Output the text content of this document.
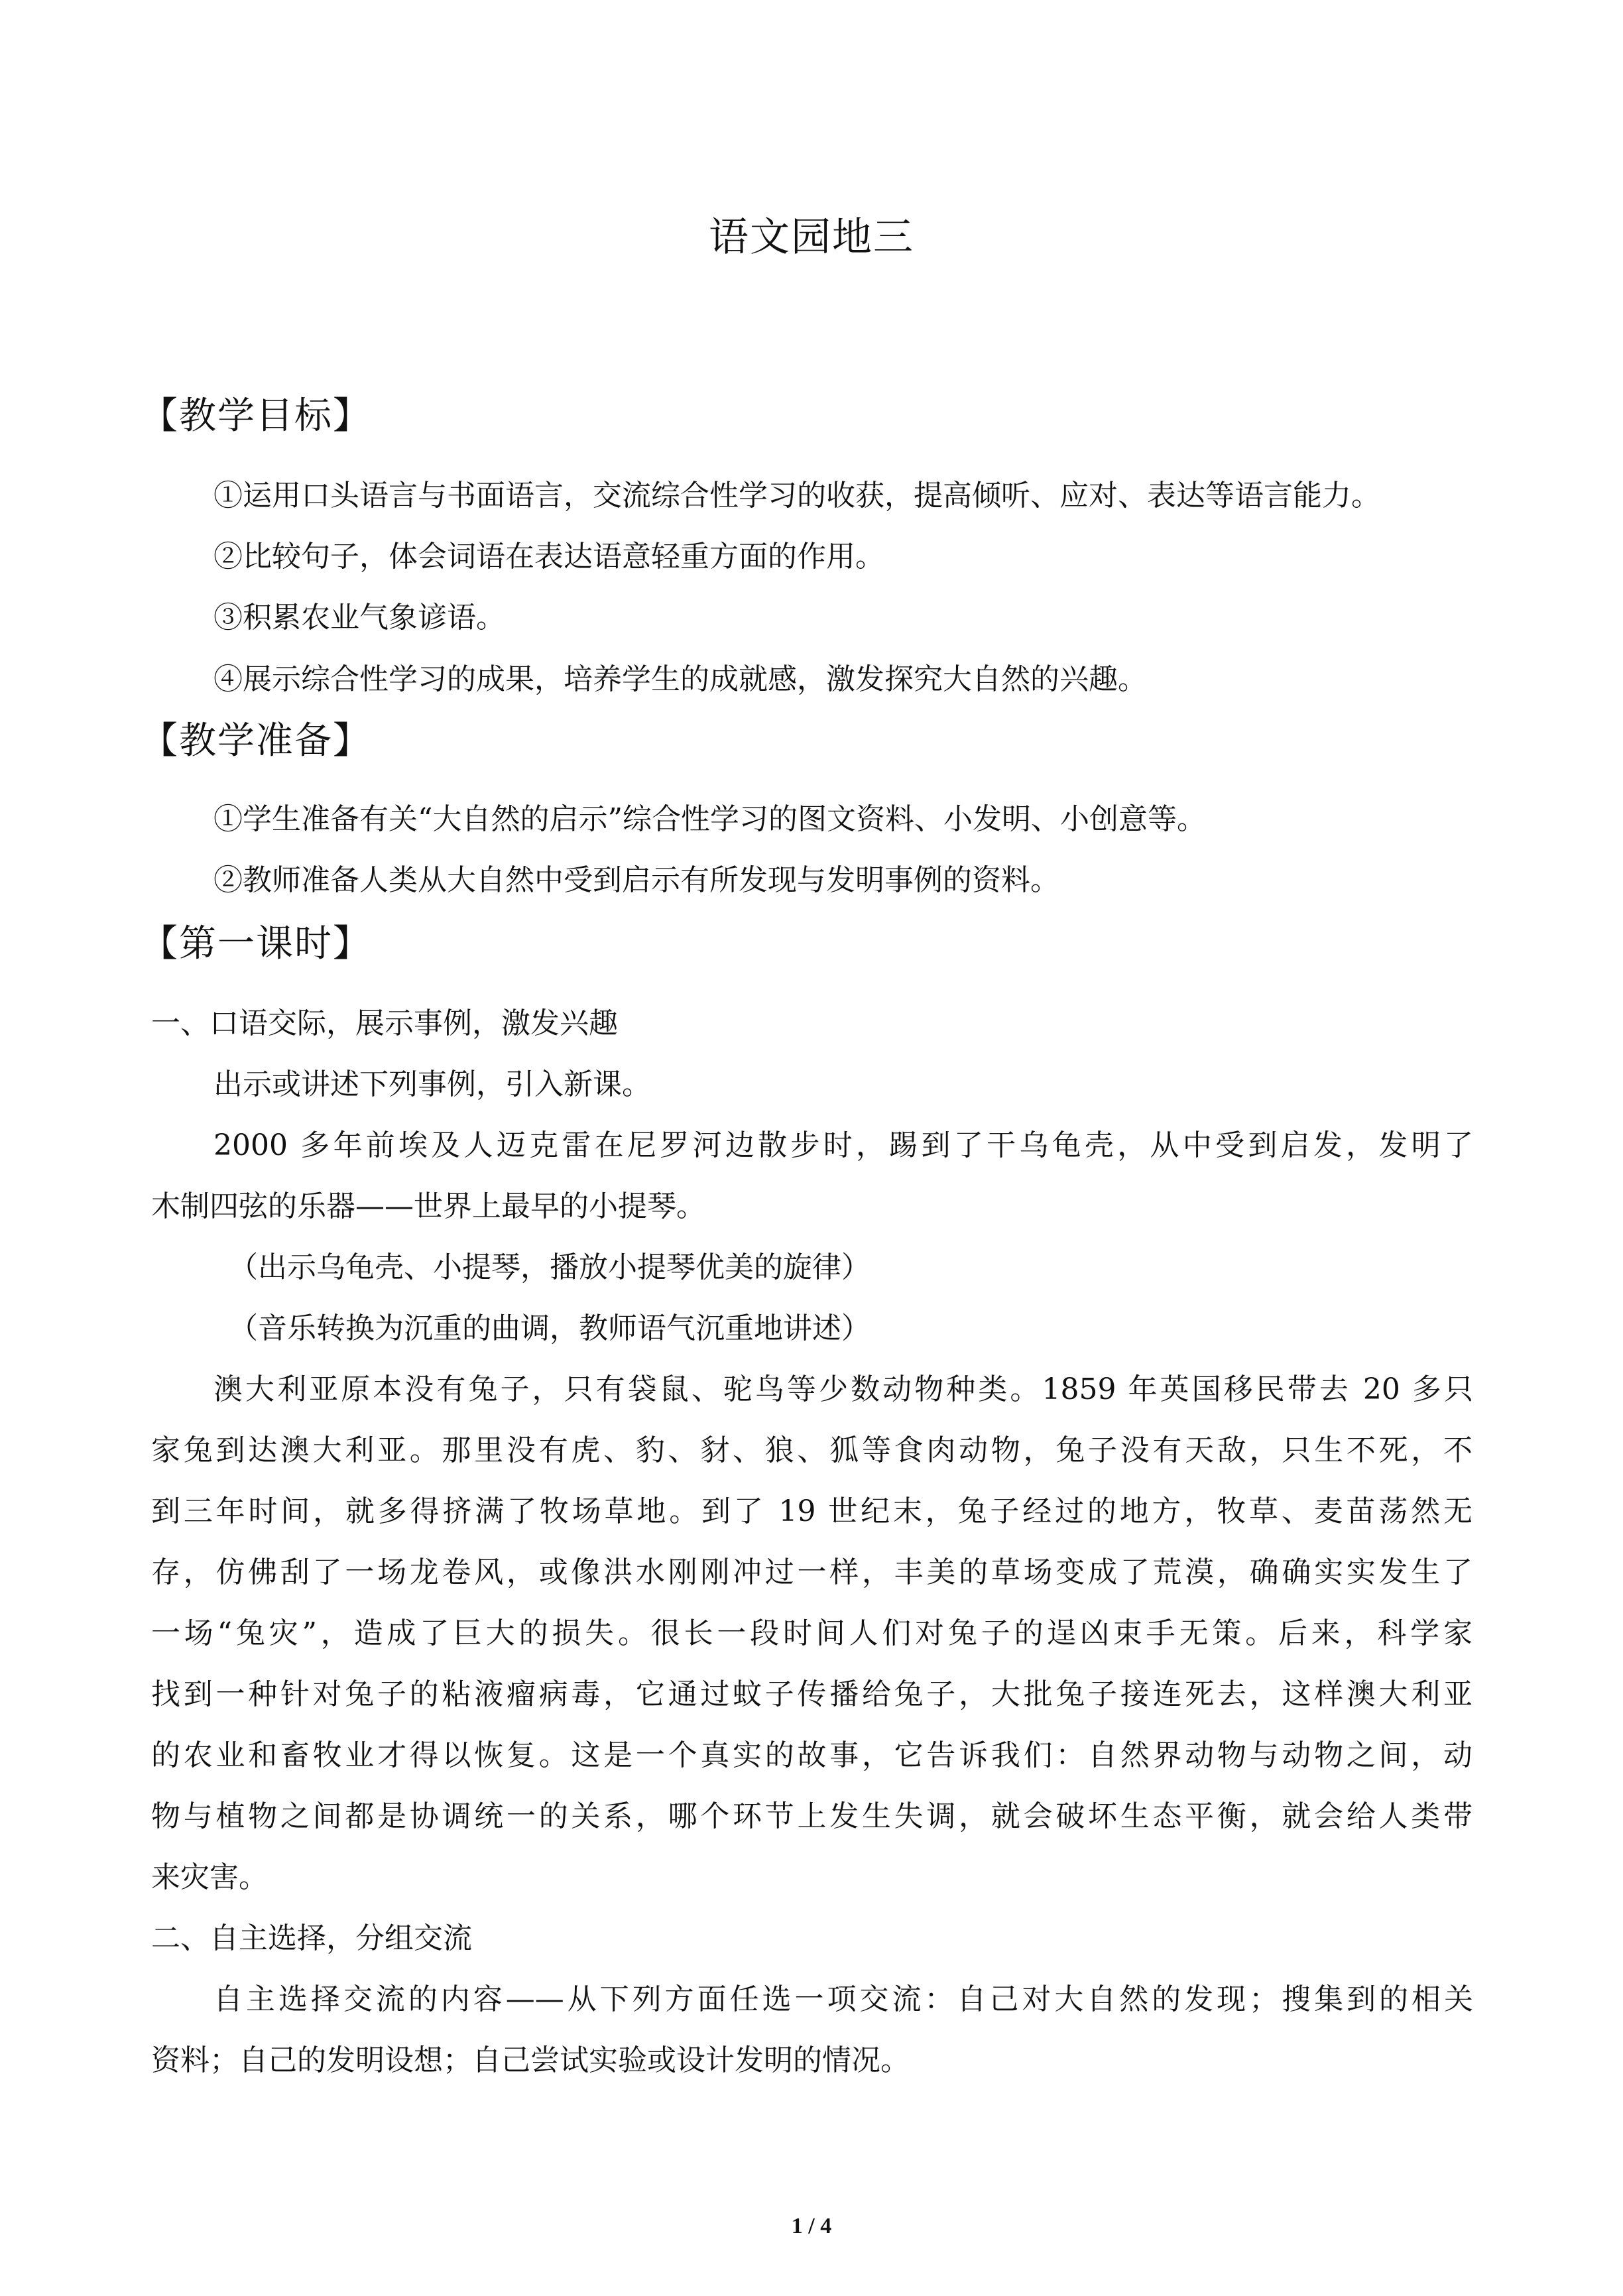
语文园地三
【教学目标】
①运用口头语言与书面语言，交流综合性学习的收获，提高倾听、应对、表达等语言能力。
②比较句子，体会词语在表达语意轻重方面的作用。
③积累农业气象谚语。
④展示综合性学习的成果，培养学生的成就感，激发探究大自然的兴趣。
【教学准备】
①学生准备有关“大自然的启示”综合性学习的图文资料、小发明、小创意等。
②教师准备人类从大自然中受到启示有所发现与发明事例的资料。
【第一课时】
一、口语交际，展示事例，激发兴趣
出示或讲述下列事例，引入新课。
2000 多年前埃及人迈克雷在尼罗河边散步时，踢到了干乌龟壳，从中受到启发，发明了
木制四弦的乐器——世界上最早的小提琴。
（出示乌龟壳、小提琴，播放小提琴优美的旋律）
（音乐转换为沉重的曲调，教师语气沉重地讲述）
澳大利亚原本没有兔子，只有袋鼠、驼鸟等少数动物种类。1859 年英国移民带去 20 多只
家兔到达澳大利亚。那里没有虎、豹、豺、狼、狐等食肉动物，兔子没有天敌，只生不死，不
到三年时间，就多得挤满了牧场草地。到了 19 世纪末，兔子经过的地方，牧草、麦苗荡然无
存，仿佛刮了一场龙卷风，或像洪水刚刚冲过一样，丰美的草场变成了荒漠，确确实实发生了
一场“兔灾”，造成了巨大的损失。很长一段时间人们对兔子的逞凶束手无策。后来，科学家
找到一种针对兔子的粘液瘤病毒，它通过蚊子传播给兔子，大批兔子接连死去，这样澳大利亚
的农业和畜牧业才得以恢复。这是一个真实的故事，它告诉我们：自然界动物与动物之间，动
物与植物之间都是协调统一的关系，哪个环节上发生失调，就会破坏生态平衡，就会给人类带
来灾害。
二、自主选择，分组交流
自主选择交流的内容——从下列方面任选一项交流：自己对大自然的发现；搜集到的相关
资料；自己的发明设想；自己尝试实验或设计发明的情况。
1 / 4
